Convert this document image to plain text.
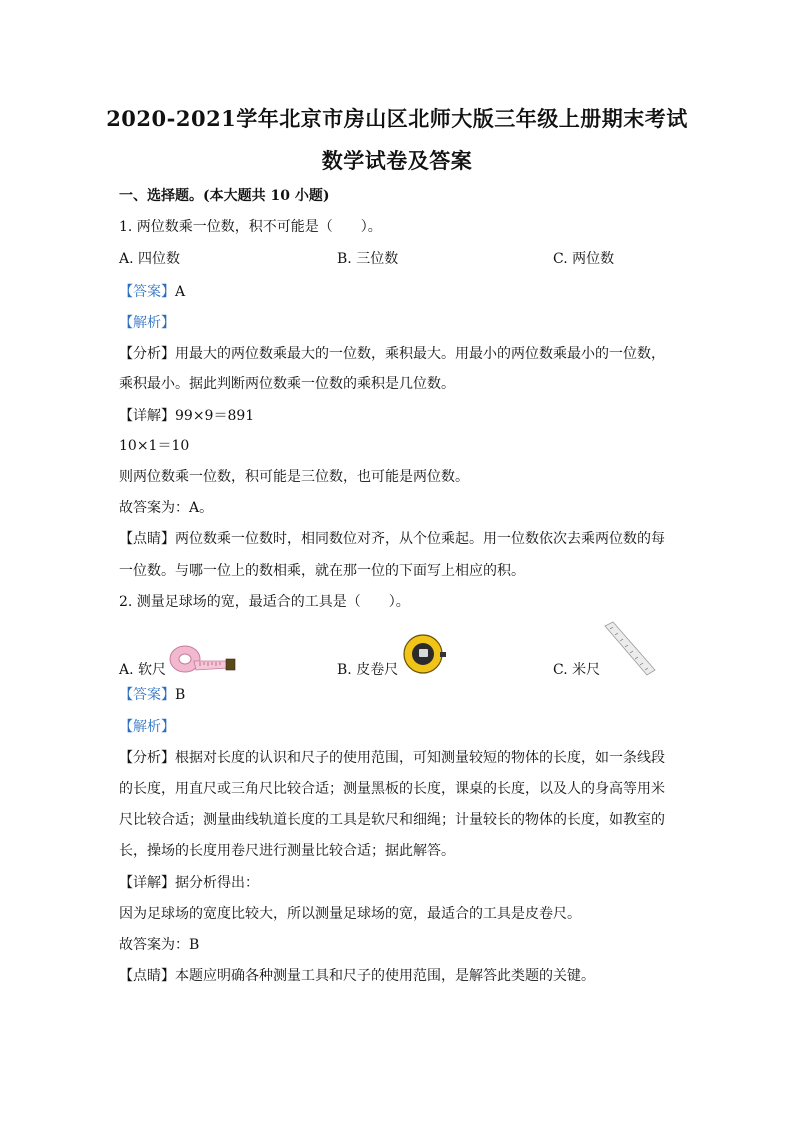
2020-2021学年北京市房山区北师大版三年级上册期末考试
数学试卷及答案
一、选择题。(本大题共 10 小题)
1. 两位数乘一位数，积不可能是（　　）。
A. 四位数	B. 三位数	C. 两位数
【答案】A
【解析】
【分析】用最大的两位数乘最大的一位数，乘积最大。用最小的两位数乘最小的一位数，
乘积最小。据此判断两位数乘一位数的乘积是几位数。
【详解】99×9＝891
10×1＝10
则两位数乘一位数，积可能是三位数，也可能是两位数。
故答案为：A。
【点睛】两位数乘一位数时，相同数位对齐，从个位乘起。用一位数依次去乘两位数的每
一位数。与哪一位上的数相乘，就在那一位的下面写上相应的积。
2. 测量足球场的宽，最适合的工具是（　　）。
A. 软尺	B. 皮卷尺	C. 米尺
【答案】B
【解析】
【分析】根据对长度的认识和尺子的使用范围，可知测量较短的物体的长度，如一条线段
的长度，用直尺或三角尺比较合适；测量黑板的长度，课桌的长度，以及人的身高等用米
尺比较合适；测量曲线轨道长度的工具是软尺和细绳；计量较长的物体的长度，如教室的
长，操场的长度用卷尺进行测量比较合适；据此解答。
【详解】据分析得出：
因为足球场的宽度比较大，所以测量足球场的宽，最适合的工具是皮卷尺。
故答案为：B
【点睛】本题应明确各种测量工具和尺子的使用范围，是解答此类题的关键。
